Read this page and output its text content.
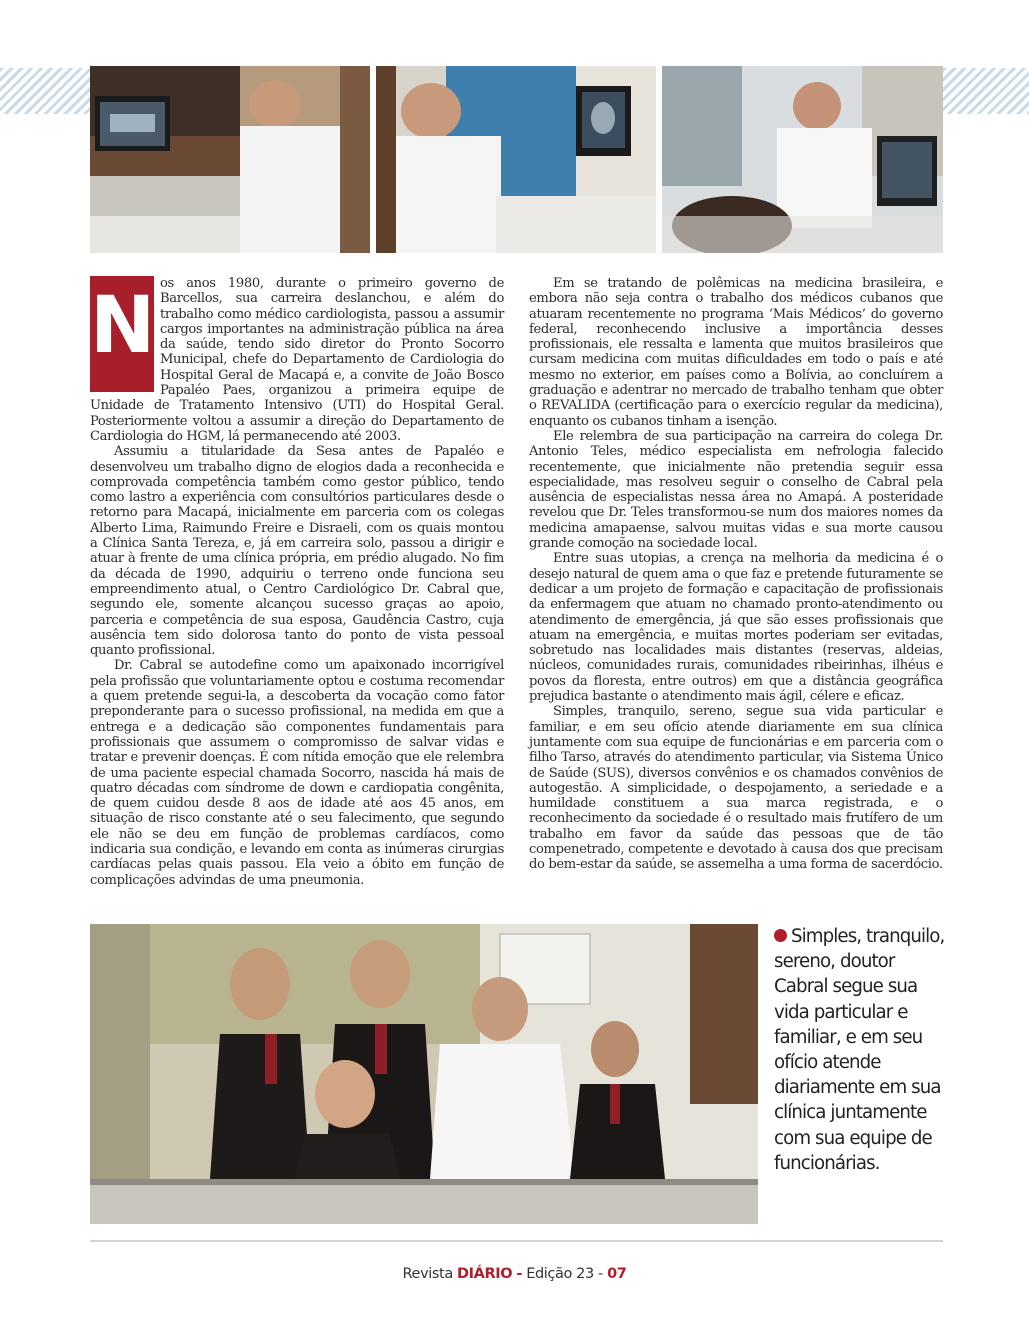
N os anos 1980, durante o primeiro governo de Barcellos, sua carreira deslanchou, e além do trabalho como médico cardiologista, passou a assumir cargos importantes na administração pública na área da saúde, tendo sido diretor do Pronto Socorro Municipal, chefe do Departamento de Cardiologia do Hospital Geral de Macapá e, a convite de João Bosco Papaléo Paes, organizou a primeira equipe de Unidade de Tratamento Intensivo (UTI) do Hospital Geral. Posteriormente voltou a assumir a direção do Departamento de Cardiologia do HGM, lá permanecendo até 2003.

Assumiu a titularidade da Sesa antes de Papaléo e desenvolveu um trabalho digno de elogios dada a reconhecida e comprovada competência também como gestor público, tendo como lastro a experiência com consultórios particulares desde o retorno para Macapá, inicialmente em parceria com os colegas Alberto Lima, Raimundo Freire e Disraeli, com os quais montou a Clínica Santa Tereza, e, já em carreira solo, passou a dirigir e atuar à frente de uma clínica própria, em prédio alugado. No fim da década de 1990, adquiriu o terreno onde funciona seu empreendimento atual, o Centro Cardiológico Dr. Cabral que, segundo ele, somente alcançou sucesso graças ao apoio, parceria e competência de sua esposa, Gaudência Castro, cuja ausência tem sido dolorosa tanto do ponto de vista pessoal quanto profissional.

Dr. Cabral se autodefine como um apaixonado incorrigível pela profissão que voluntariamente optou e costuma recomendar a quem pretende segui-la, a descoberta da vocação como fator preponderante para o sucesso profissional, na medida em que a entrega e a dedicação são componentes fundamentais para profissionais que assumem o compromisso de salvar vidas e tratar e prevenir doenças. É com nítida emoção que ele relembra de uma paciente especial chamada Socorro, nascida há mais de quatro décadas com síndrome de down e cardiopatia congênita, de quem cuidou desde 8 aos de idade até aos 45 anos, em situação de risco constante até o seu falecimento, que segundo ele não se deu em função de problemas cardíacos, como indicaria sua condição, e levando em conta as inúmeras cirurgias cardíacas pelas quais passou. Ela veio a óbito em função de complicações advindas de uma pneumonia.

Em se tratando de polêmicas na medicina brasileira, e embora não seja contra o trabalho dos médicos cubanos que atuaram recentemente no programa ‘Mais Médicos’ do governo federal, reconhecendo inclusive a importância desses profissionais, ele ressalta e lamenta que muitos brasileiros que cursam medicina com muitas dificuldades em todo o país e até mesmo no exterior, em países como a Bolívia, ao concluírem a graduação e adentrar no mercado de trabalho tenham que obter o REVALIDA (certificação para o exercício regular da medicina), enquanto os cubanos tinham a isenção.

Ele relembra de sua participação na carreira do colega Dr. Antonio Teles, médico especialista em nefrologia falecido recentemente, que inicialmente não pretendia seguir essa especialidade, mas resolveu seguir o conselho de Cabral pela ausência de especialistas nessa área no Amapá. A posteridade revelou que Dr. Teles transformou-se num dos maiores nomes da medicina amapaense, salvou muitas vidas e sua morte causou grande comoção na sociedade local.

Entre suas utopias, a crença na melhoria da medicina é o desejo natural de quem ama o que faz e pretende futuramente se dedicar a um projeto de formação e capacitação de profissionais da enfermagem que atuam no chamado pronto-atendimento ou atendimento de emergência, já que são esses profissionais que atuam na emergência, e muitas mortes poderiam ser evitadas, sobretudo nas localidades mais distantes (reservas, aldeias, núcleos, comunidades rurais, comunidades ribeirinhas, ilhéus e povos da floresta, entre outros) em que a distância geográfica prejudica bastante o atendimento mais ágil, célere e eficaz.

Simples, tranquilo, sereno, segue sua vida particular e familiar, e em seu ofício atende diariamente em sua clínica juntamente com sua equipe de funcionárias e em parceria com o filho Tarso, através do atendimento particular, via Sistema Único de Saúde (SUS), diversos convênios e os chamados convênios de autogestão. A simplicidade, o despojamento, a seriedade e a humildade constituem a sua marca registrada, e o reconhecimento da sociedade é o resultado mais frutífero de um trabalho em favor da saúde das pessoas que de tão compenetrado, competente e devotado à causa dos que precisam do bem-estar da saúde, se assemelha a uma forma de sacerdócio.

Simples, tranquilo, sereno, doutor Cabral segue sua vida particular e familiar, e em seu ofício atende diariamente em sua clínica juntamente com sua equipe de funcionárias.
Revista DIÁRIO - Edição 23 - 07
